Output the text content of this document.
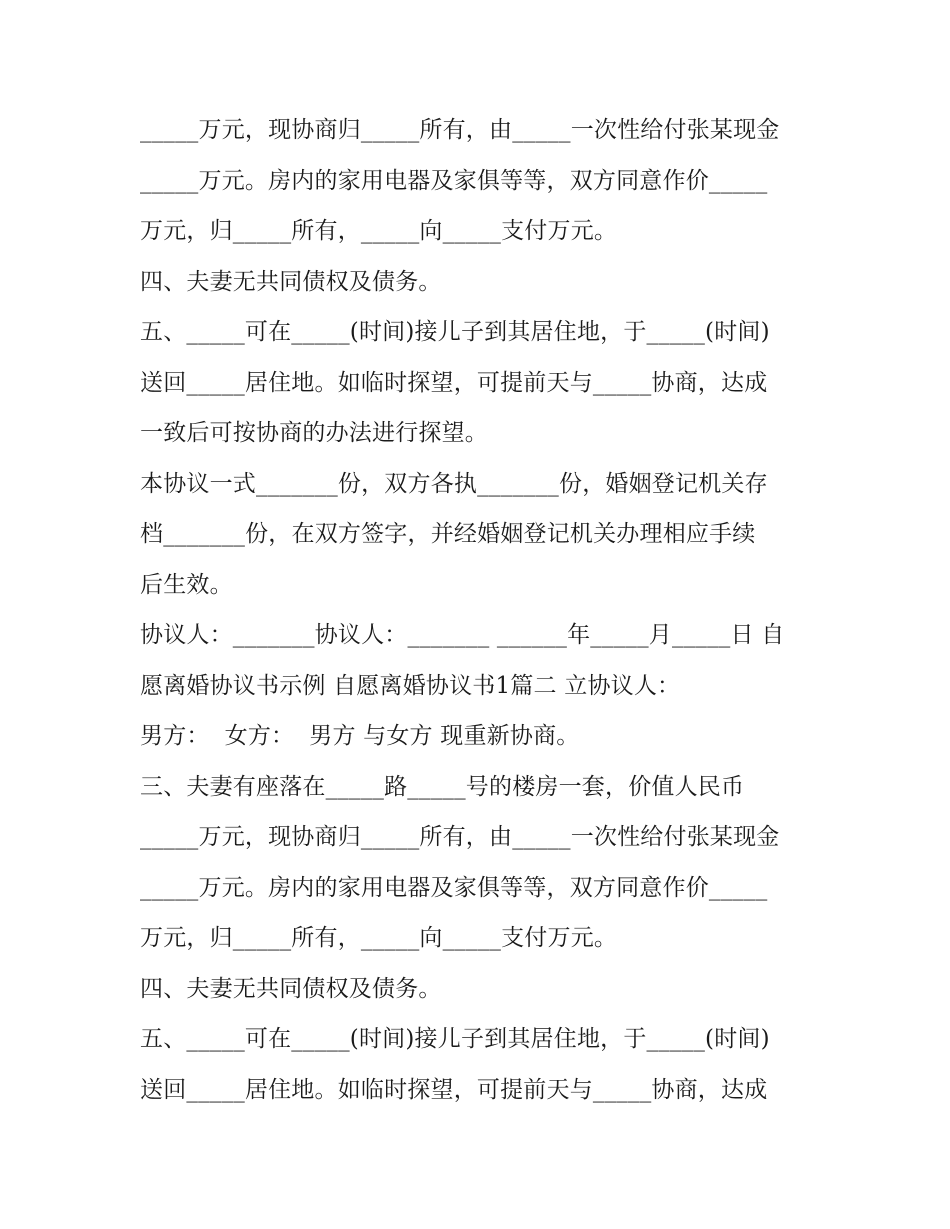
_____万元，现协商归_____所有，由_____一次性给付张某现金
_____万元。房内的家用电器及家俱等等，双方同意作价_____
万元，归_____所有，_____向_____支付万元。
四、夫妻无共同债权及债务。
五、_____可在_____(时间)接儿子到其居住地，于_____(时间)
送回_____居住地。如临时探望，可提前天与_____协商，达成
一致后可按协商的办法进行探望。
本协议一式_______份，双方各执_______份，婚姻登记机关存
档_______份，在双方签字，并经婚姻登记机关办理相应手续
后生效。
协议人：_______协议人：_______ ______年_____月_____日 自
愿离婚协议书示例 自愿离婚协议书1篇二 立协议人：
男方：  女方：  男方 与女方 现重新协商。
三、夫妻有座落在_____路_____号的楼房一套，价值人民币
_____万元，现协商归_____所有，由_____一次性给付张某现金
_____万元。房内的家用电器及家俱等等，双方同意作价_____
万元，归_____所有，_____向_____支付万元。
四、夫妻无共同债权及债务。
五、_____可在_____(时间)接儿子到其居住地，于_____(时间)
送回_____居住地。如临时探望，可提前天与_____协商，达成
